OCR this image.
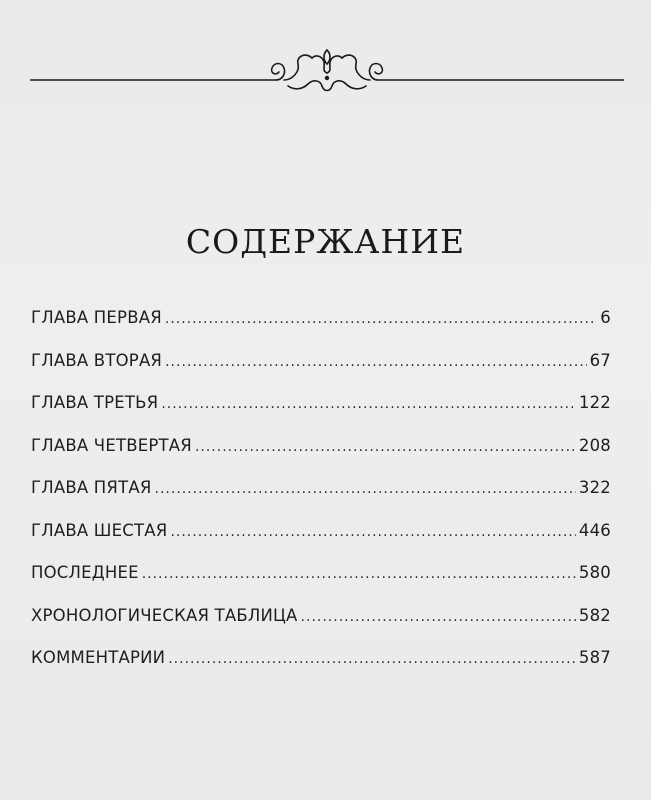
СОДЕРЖАНИЕ
ГЛАВА ПЕРВАЯ .....	6
ГЛАВА ВТОРАЯ .....	67
ГЛАВА ТРЕТЬЯ .....	122
ГЛАВА ЧЕТВЕРТАЯ .....	208
ГЛАВА ПЯТАЯ .....	322
ГЛАВА ШЕСТАЯ .....	446
ПОСЛЕДНЕЕ .....	580
ХРОНОЛОГИЧЕСКАЯ ТАБЛИЦА .....	582
КОММЕНТАРИИ .....	587
